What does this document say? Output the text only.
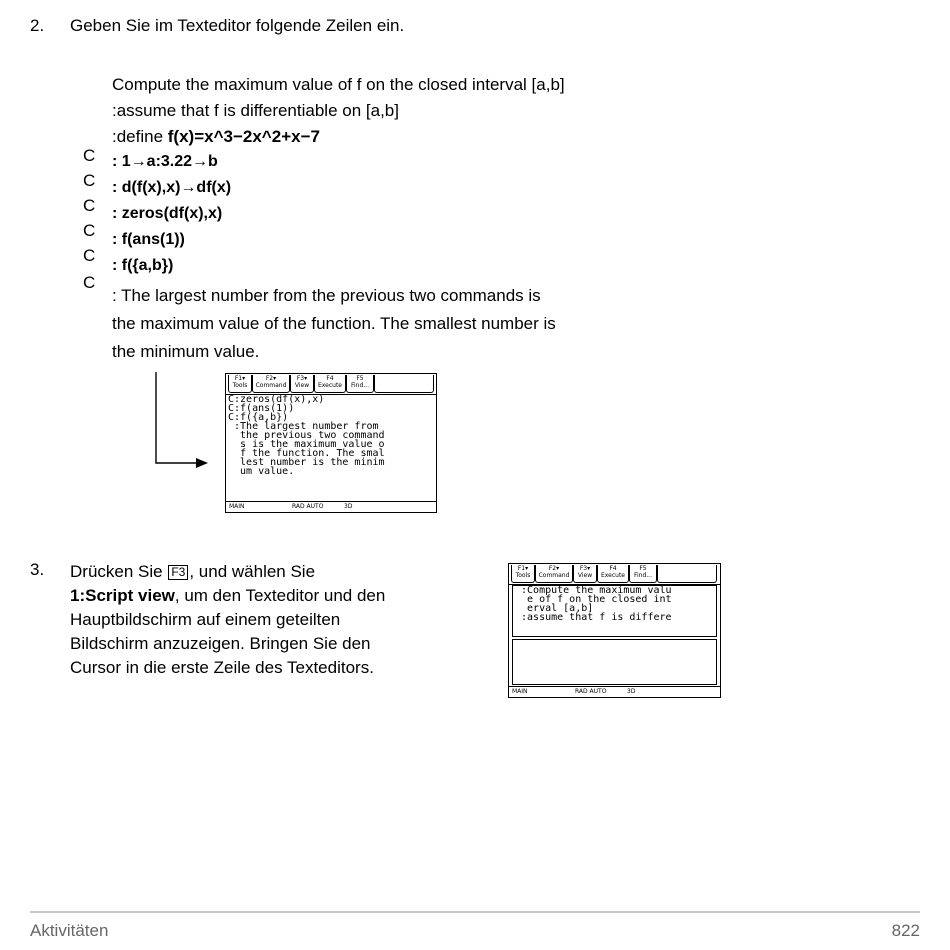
2. Geben Sie im Texteditor folgende Zeilen ein.
Compute the maximum value of f on the closed interval [a,b]
:assume that f is differentiable on [a,b]
:define f(x)=x^3−2x^2+x−7
: 1→a:3.22→b
: d(f(x),x)→df(x)
: zeros(df(x),x)
: f(ans(1))
: f({a,b})
: The largest number from the previous two commands is
the maximum value of the function. The smallest number is
the minimum value.
C
C
C
C
C
C
F1▾
Tools
F2▾
Command
F3▾
View
F4
Execute
F5
Find...
C:zeros(df(x),x)
C:f(ans(1))
C:f({a,b})
:The largest number from
the previous two command
s is the maximum value o
f the function. The smal
lest number is the minim
um value.
MAIN	RAD AUTO	3D
3. Drücken Sie F3 , und wählen Sie
1:Script view, um den Texteditor und den
Hauptbildschirm auf einem geteilten
Bildschirm anzuzeigen. Bringen Sie den
Cursor in die erste Zeile des Texteditors.
F1▾
Tools
F2▾
Command
F3▾
View
F4
Execute
F5
Find...
:Compute the maximum valu
e of f on the closed int
erval [a,b]
:assume that f is differe
MAIN	RAD AUTO	3D
Aktivitäten	822
